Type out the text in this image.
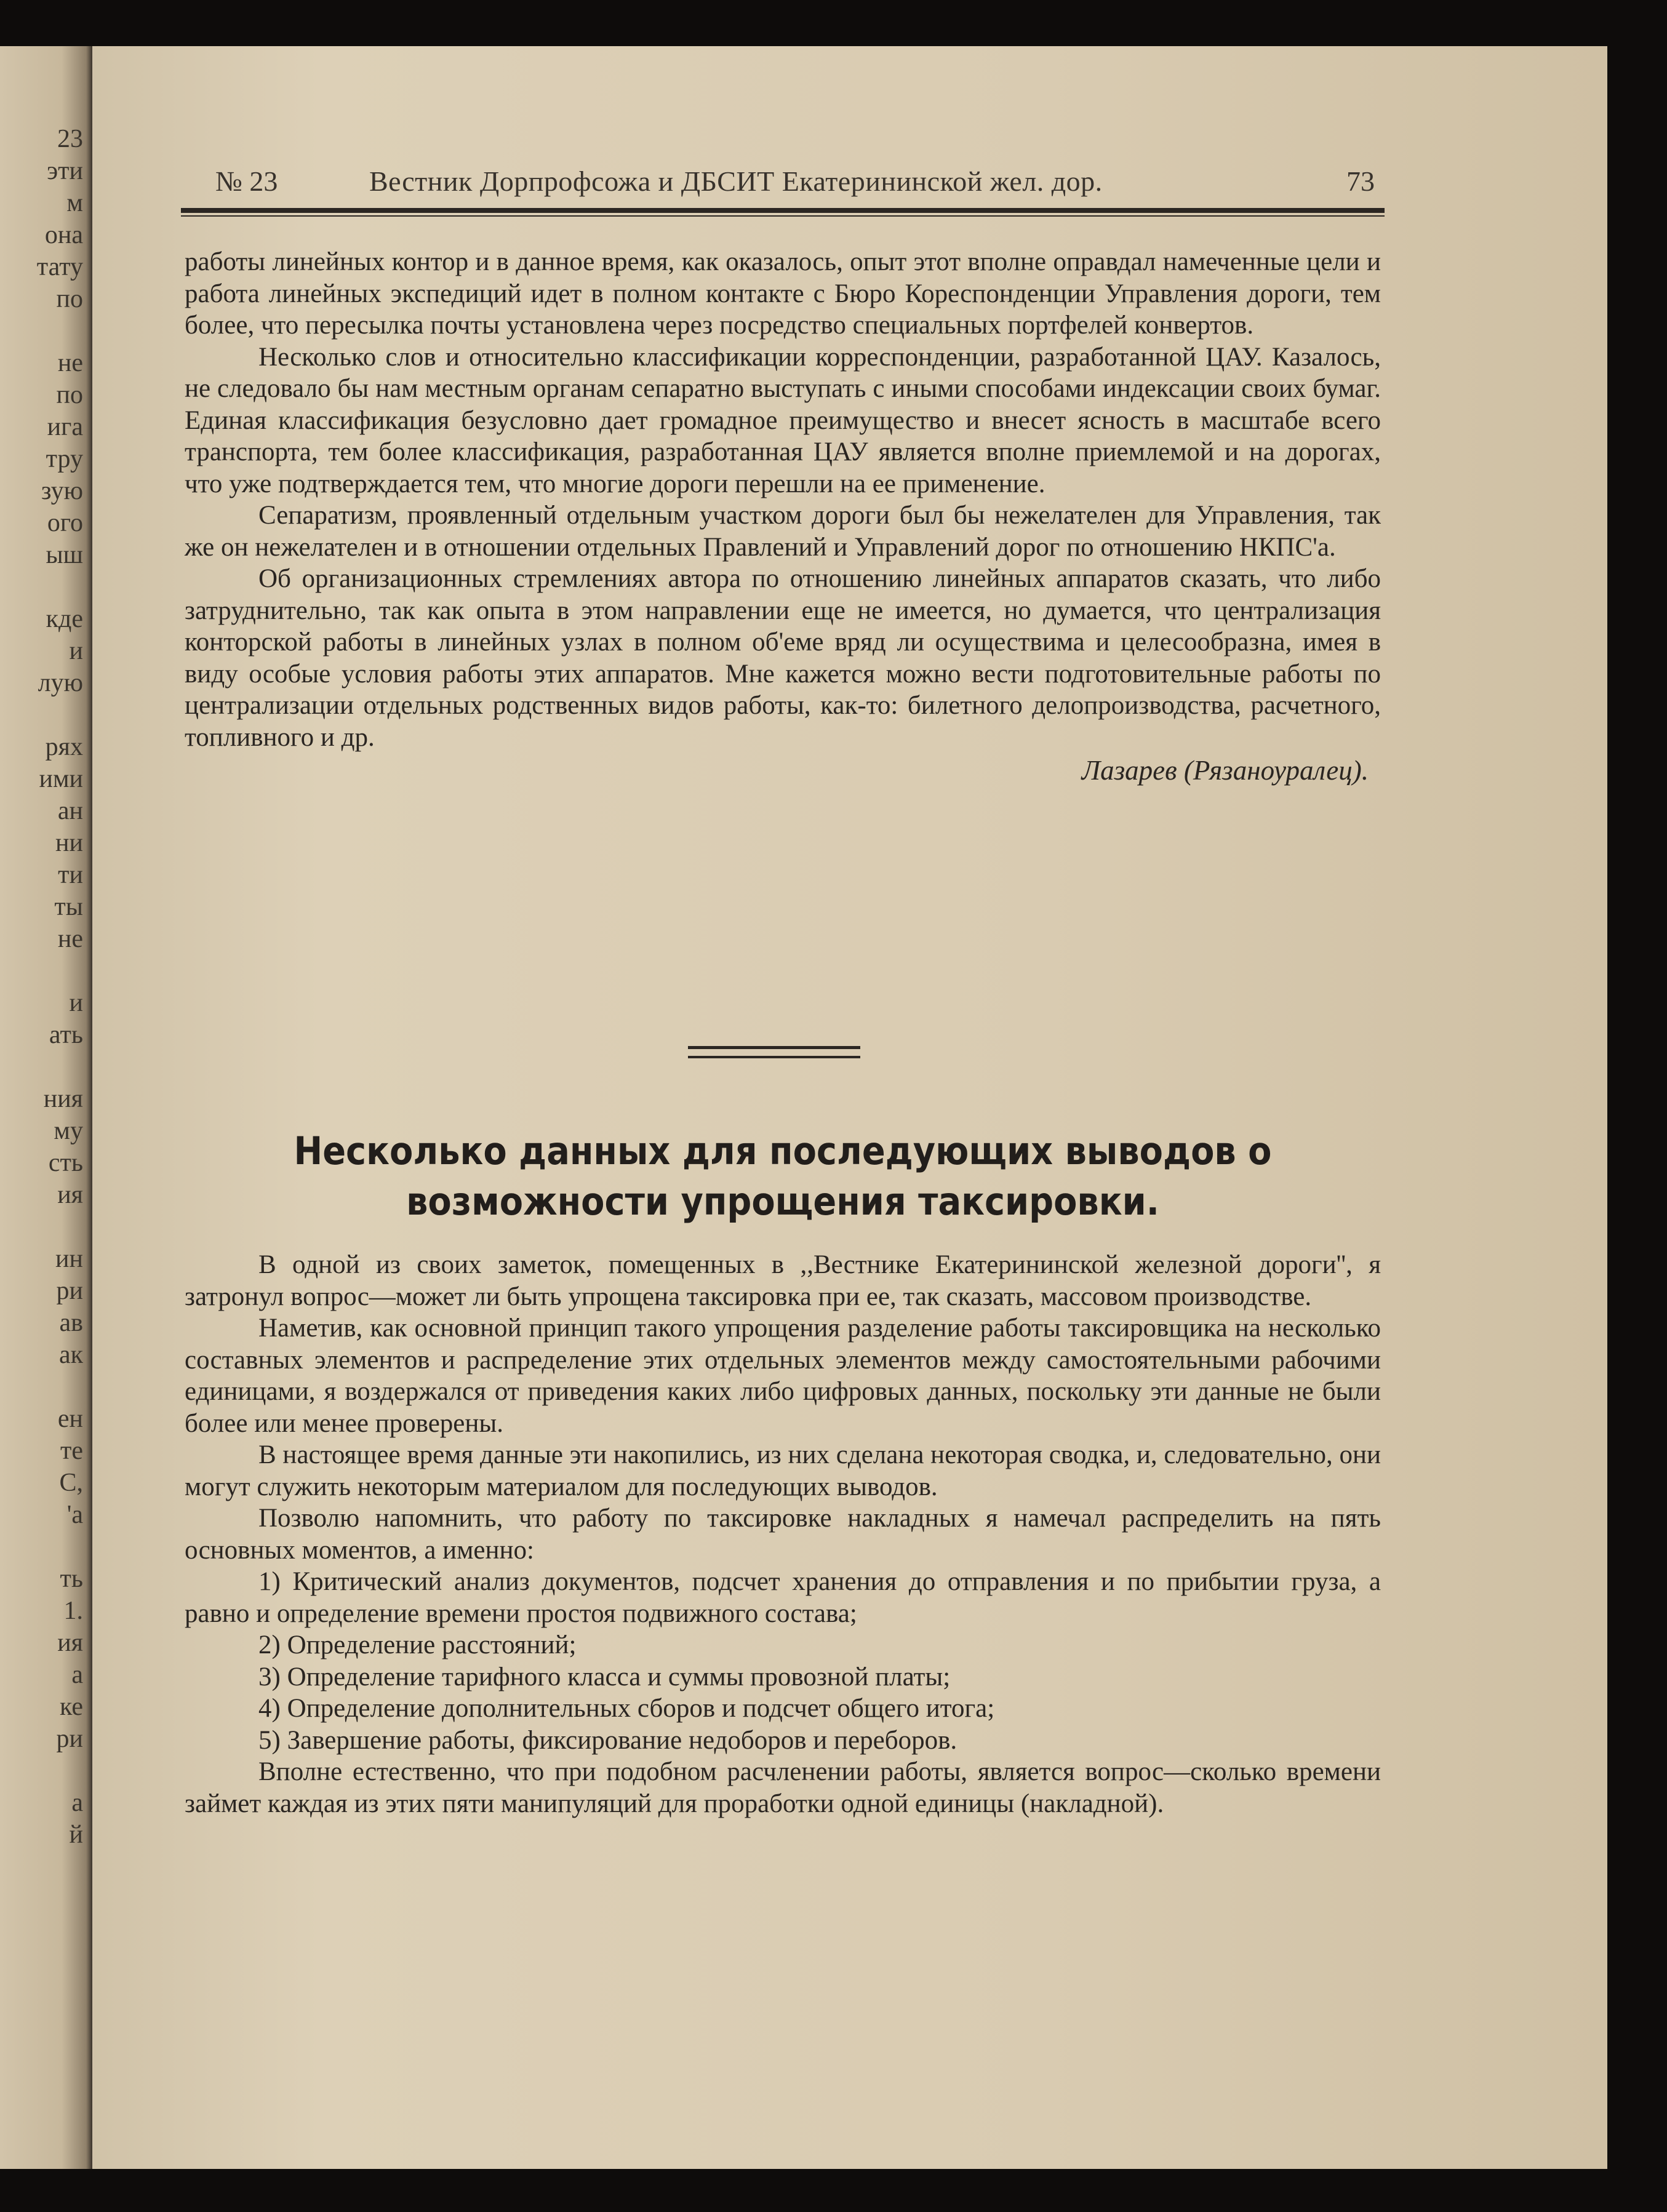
23
эти
м
она
тату
по
не
по
ига
тру
зую
ого
ыш
кде
и
лую
рях
ими
ан
ни
ти
ты
не
и
ать
ния
му
сть
ия
ин
ри
ав
ак
ен
те
С,
'а
ть
1.
ия
а
ке
ри
а
й
№ 23	Вестник Дорпрофсожа и ДБСИТ Екатерининской жел. дор.	73

работы линейных контор и в данное время, как оказалось, опыт этот вполне оправдал намеченные цели и работа линейных экспедиций идет в полном контакте с Бюро Кореспонденции Управления дороги, тем более, что пересылка почты установлена через посредство специальных портфелей конвертов.

Несколько слов и относительно классификации корреспонденции, разработанной ЦАУ. Казалось, не следовало бы нам местным органам сепаратно выступать с иными способами индексации своих бумаг. Единая классификация безусловно дает громадное преимущество и внесет ясность в масштабе всего транспорта, тем более классификация, разработанная ЦАУ является вполне приемлемой и на дорогах, что уже подтверждается тем, что многие дороги перешли на ее применение.

Сепаратизм, проявленный отдельным участком дороги был бы нежелателен для Управления, так же он нежелателен и в отношении отдельных Правлений и Управлений дорог по отношению НКПС'а.

Об организационных стремлениях автора по отношению линейных аппаратов сказать, что либо затруднительно, так как опыта в этом направлении еще не имеется, но думается, что централизация конторской работы в линейных узлах в полном об'еме вряд ли осуществима и целесообразна, имея в виду особые условия работы этих аппаратов. Мне кажется можно вести подготовительные работы по централизации отдельных родственных видов работы, как-то: билетного делопроизводства, расчетного, топливного и др.

Лазарев (Рязаноуралец).
Несколько данных для последующих выводов о возможности упрощения таксировки.

В одной из своих заметок, помещенных в ,,Вестнике Екатерининской железной дороги'', я затронул вопрос—может ли быть упрощена таксировка при ее, так сказать, массовом производстве.

Наметив, как основной принцип такого упрощения разделение работы таксировщика на несколько составных элементов и распределение этих отдельных элементов между самостоятельными рабочими единицами, я воздержался от приведения каких либо цифровых данных, поскольку эти данные не были более или менее проверены.

В настоящее время данные эти накопились, из них сделана некоторая сводка, и, следовательно, они могут служить некоторым материалом для последующих выводов.

Позволю напомнить, что работу по таксировке накладных я намечал распределить на пять основных моментов, а именно:

1) Критический анализ документов, подсчет хранения до отправления и по прибытии груза, а равно и определение времени простоя подвижного состава;

2) Определение расстояний;

3) Определение тарифного класса и суммы провозной платы;

4) Определение дополнительных сборов и подсчет общего итога;

5) Завершение работы, фиксирование недоборов и переборов.

Вполне естественно, что при подобном расчленении работы, является вопрос—сколько времени займет каждая из этих пяти манипуляций для проработки одной единицы (накладной).
